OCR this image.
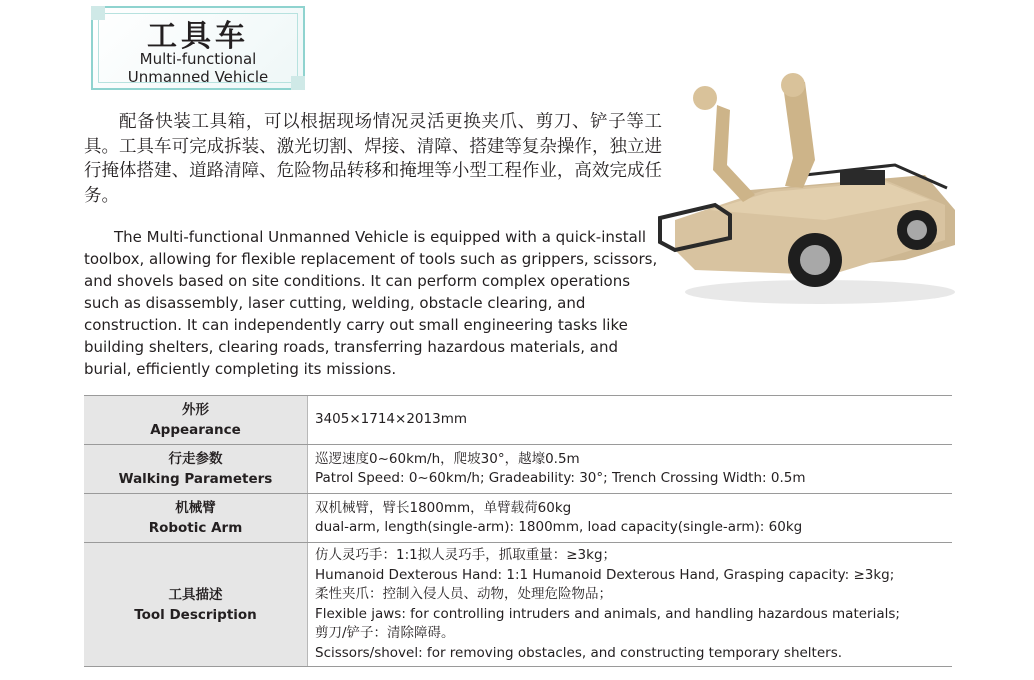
工具车
Multi-functional
Unmanned Vehicle
配备快装工具箱，可以根据现场情况灵活更换夹爪、剪刀、铲子等工具。工具车可完成拆装、激光切割、焊接、清障、搭建等复杂操作，独立进行掩体搭建、道路清障、危险物品转移和掩埋等小型工程作业，高效完成任务。
The Multi-functional Unmanned Vehicle is equipped with a quick-install toolbox, allowing for flexible replacement of tools such as grippers, scissors, and shovels based on site conditions. It can perform complex operations such as disassembly, laser cutting, welding, obstacle clearing, and construction. It can independently carry out small engineering tasks like building shelters, clearing roads, transferring hazardous materials, and burial, efficiently completing its missions.
外形
Appearance
3405×1714×2013mm
行走参数
Walking Parameters
巡逻速度0~60km/h，爬坡30°，越壕0.5m
Patrol Speed: 0~60km/h; Gradeability: 30°; Trench Crossing Width: 0.5m
机械臂
Robotic Arm
双机械臂，臂长1800mm，单臂载荷60kg
dual-arm, length(single-arm): 1800mm, load capacity(single-arm): 60kg
工具描述
Tool Description
仿人灵巧手：1:1拟人灵巧手，抓取重量：≥3kg；
Humanoid Dexterous Hand: 1:1 Humanoid Dexterous Hand, Grasping capacity: ≥3kg;
柔性夹爪：控制入侵人员、动物，处理危险物品；
Flexible jaws: for controlling intruders and animals, and handling hazardous materials;
剪刀/铲子：清除障碍。
Scissors/shovel: for removing obstacles, and constructing temporary shelters.
